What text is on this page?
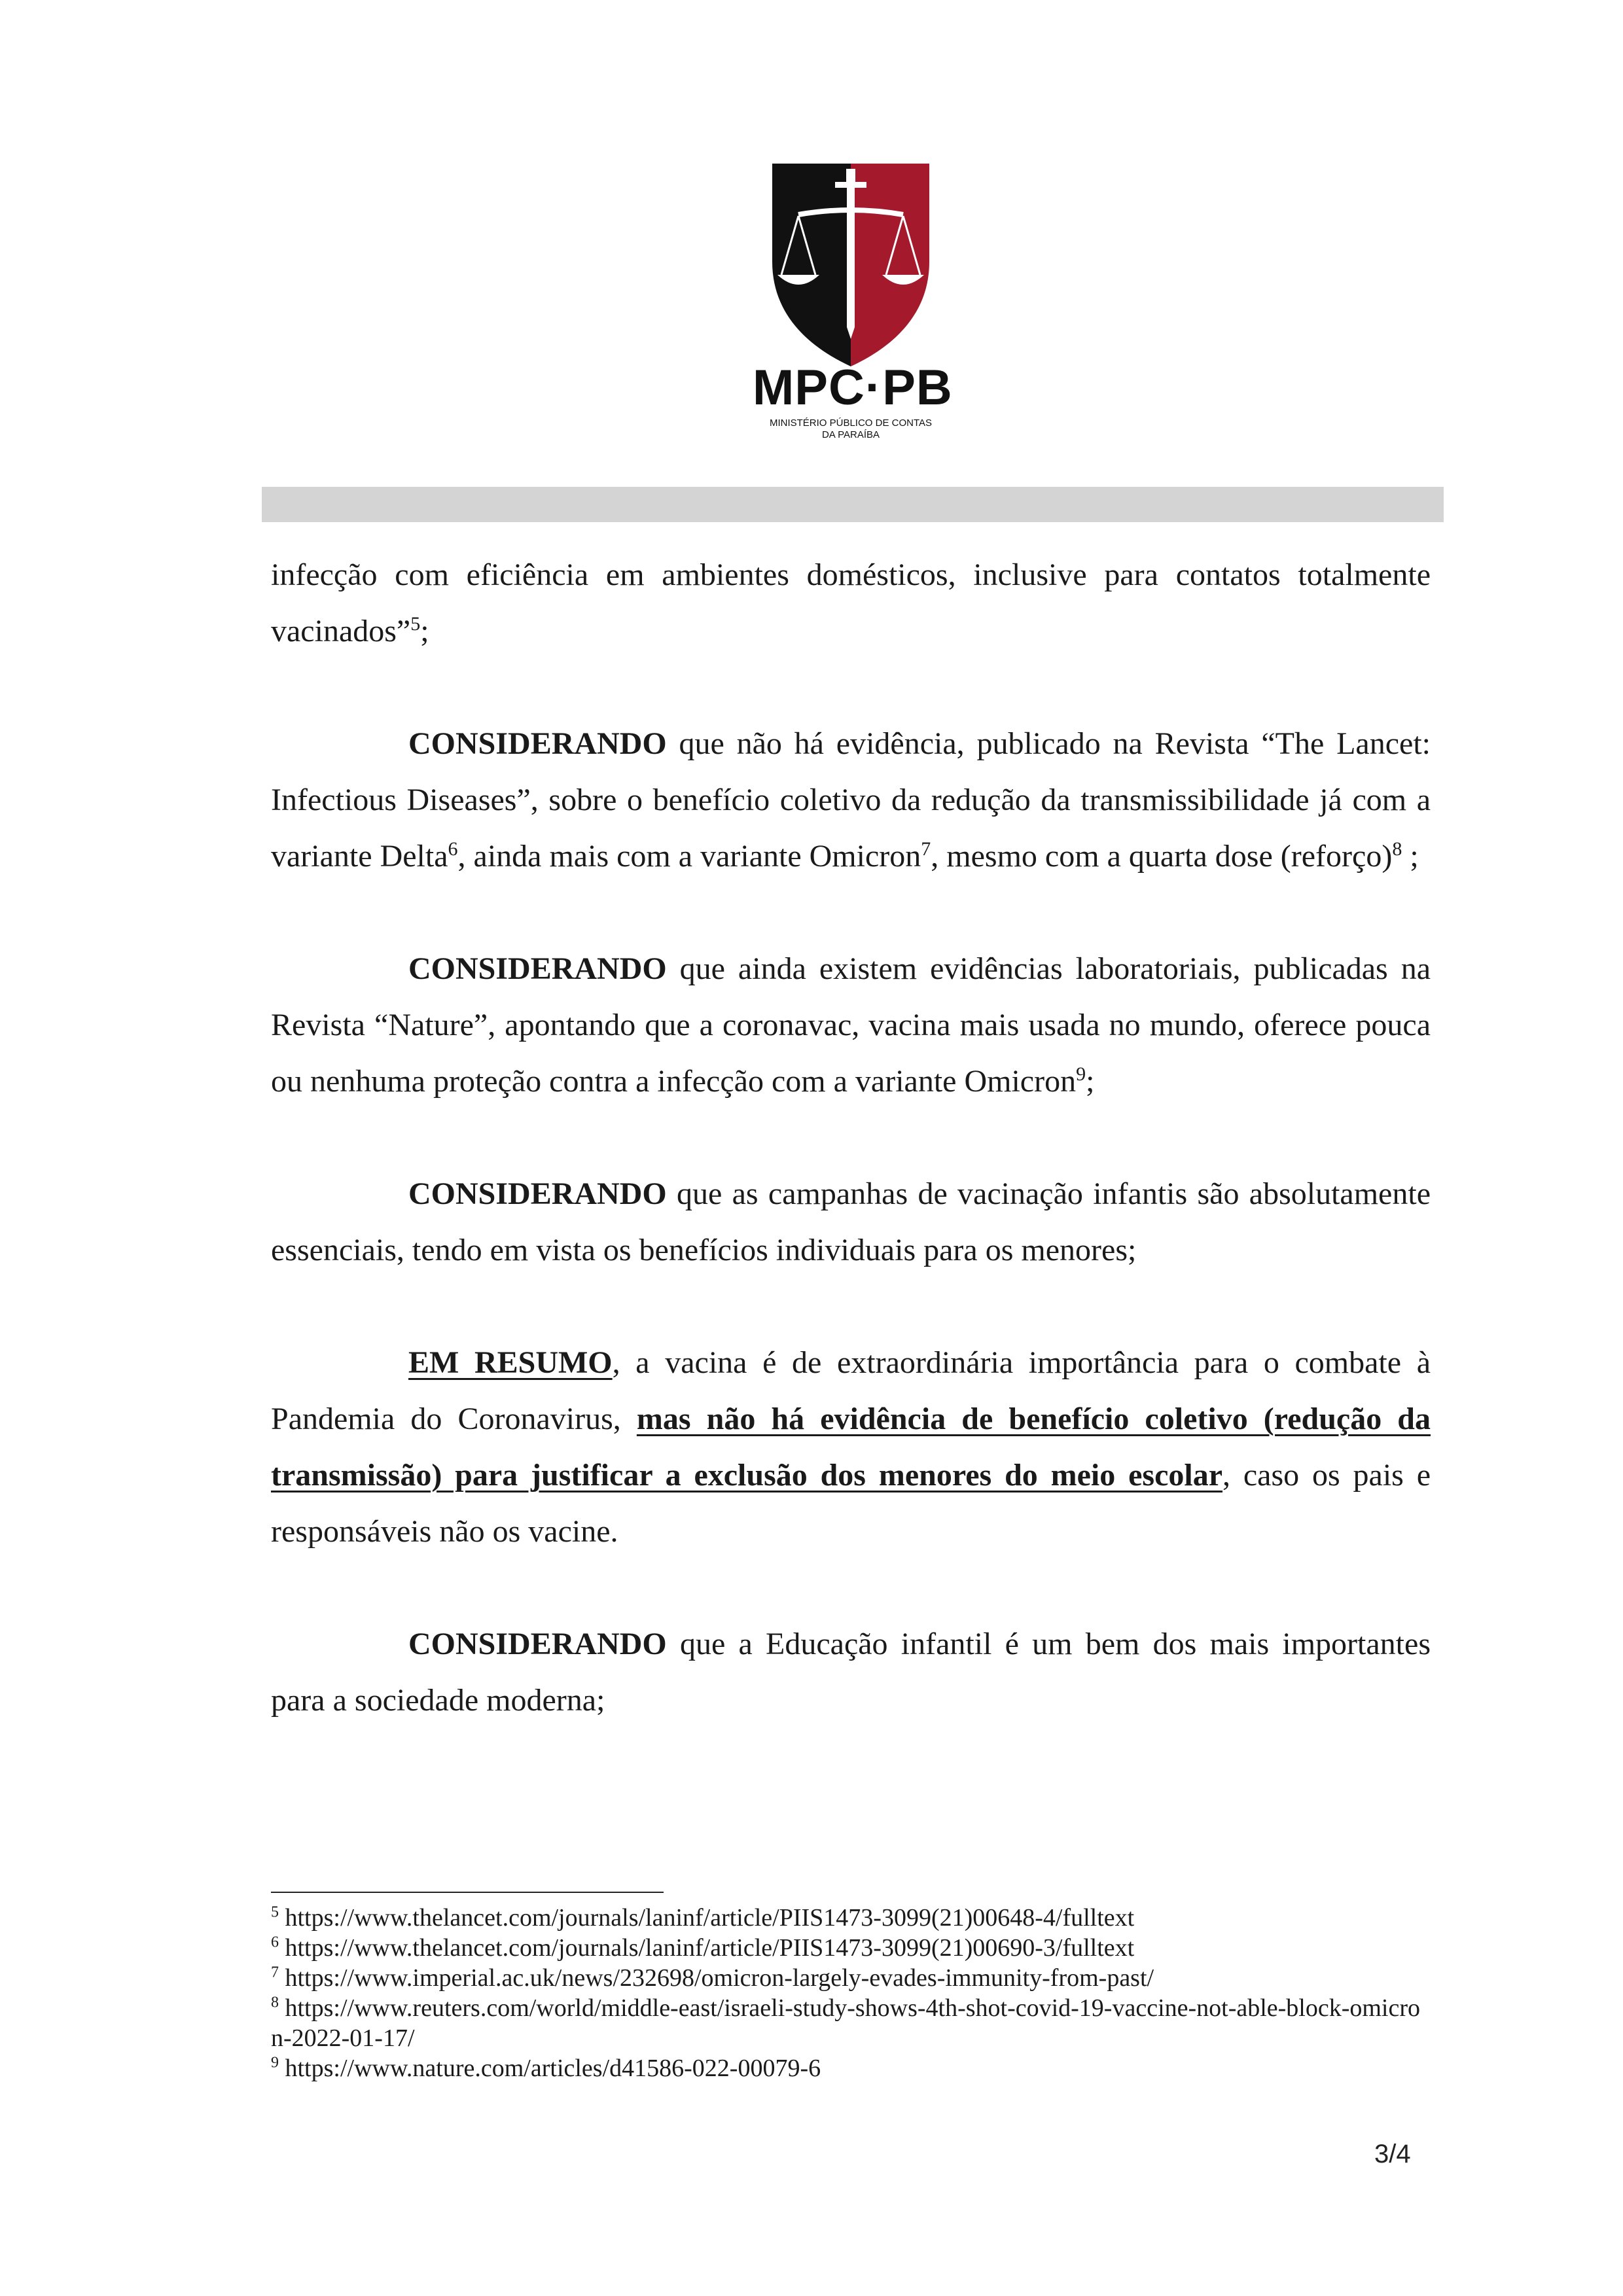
MPC·PB
MINISTÉRIO PÚBLICO DE CONTAS
DA PARAÍBA

infecção com eficiência em ambientes domésticos, inclusive para contatos totalmente vacinados”$^5$;

CONSIDERANDO que não há evidência, publicado na Revista “The Lancet: Infectious Diseases”, sobre o benefício coletivo da redução da transmissibilidade já com a variante Delta$^6$, ainda mais com a variante Omicron$^7$, mesmo com a quarta dose (reforço)$^8$ ;

CONSIDERANDO que ainda existem evidências laboratoriais, publicadas na Revista “Nature”, apontando que a coronavac, vacina mais usada no mundo, oferece pouca ou nenhuma proteção contra a infecção com a variante Omicron$^9$;

CONSIDERANDO que as campanhas de vacinação infantis são absolutamente essenciais, tendo em vista os benefícios individuais para os menores;

EM RESUMO, a vacina é de extraordinária importância para o combate à Pandemia do Coronavirus, mas não há evidência de benefício coletivo (redução da transmissão) para justificar a exclusão dos menores do meio escolar, caso os pais e responsáveis não os vacine.

CONSIDERANDO que a Educação infantil é um bem dos mais importantes para a sociedade moderna;

$^5$ https://www.thelancet.com/journals/laninf/article/PIIS1473-3099(21)00648-4/fulltext

$^6$ https://www.thelancet.com/journals/laninf/article/PIIS1473-3099(21)00690-3/fulltext

$^7$ https://www.imperial.ac.uk/news/232698/omicron-largely-evades-immunity-from-past/

$^8$ https://www.reuters.com/world/middle-east/israeli-study-shows-4th-shot-covid-19-vaccine-not-able-block-omicron-2022-01-17/

$^9$ https://www.nature.com/articles/d41586-022-00079-6

3/4
